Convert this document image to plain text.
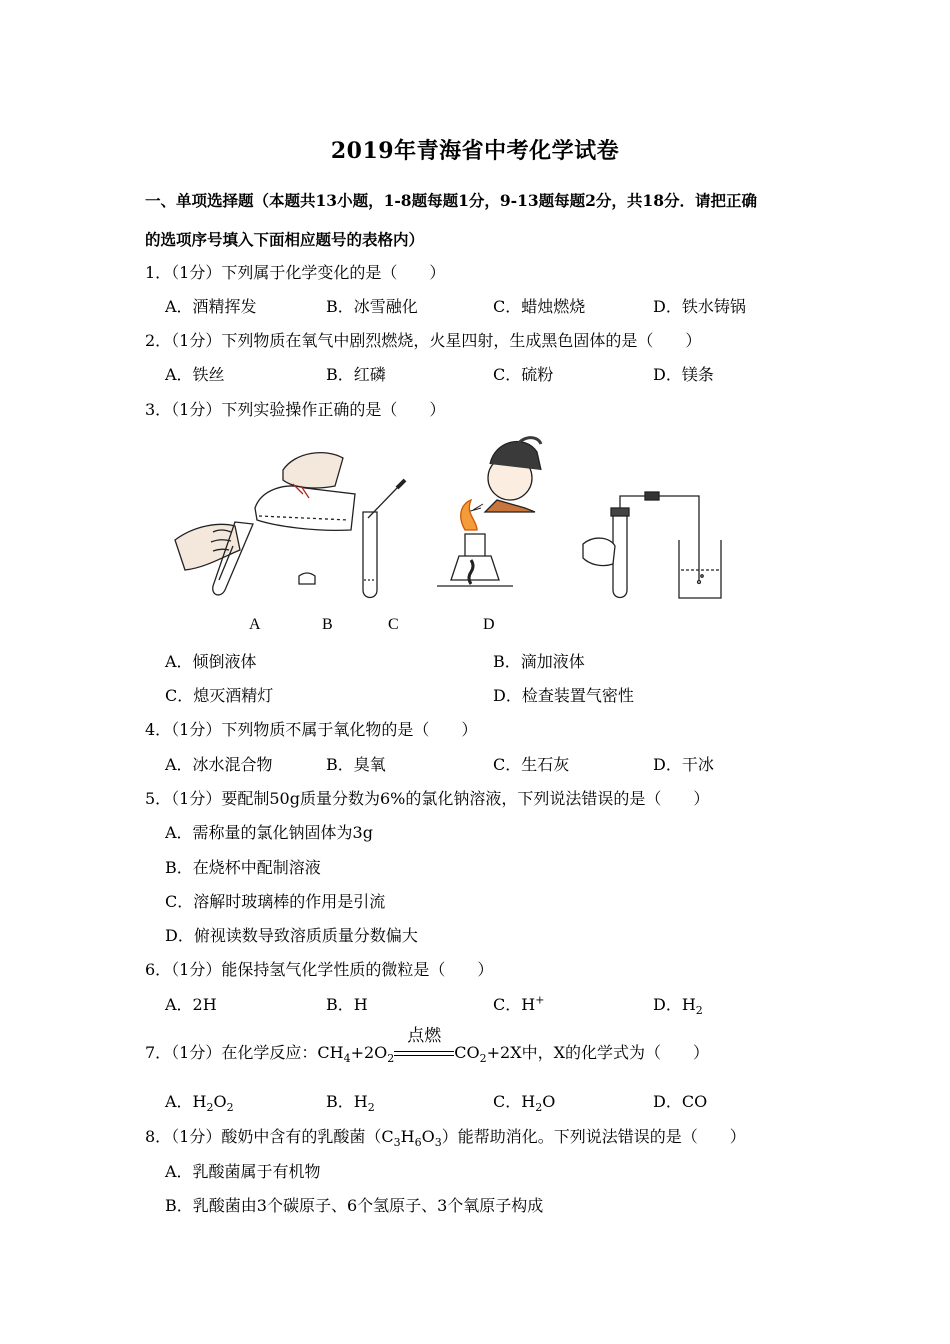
2019年青海省中考化学试卷
一、单项选择题（本题共13小题，1-8题每题1分，9-13题每题2分，共18分．请把正确
的选项序号填入下面相应题号的表格内）
1．（1分）下列属于化学变化的是（　　）
A．酒精挥发	B．冰雪融化	C．蜡烛燃烧	D．铁水铸锅
2．（1分）下列物质在氧气中剧烈燃烧，火星四射，生成黑色固体的是（　　）
A．铁丝	B．红磷	C．硫粉	D．镁条
3．（1分）下列实验操作正确的是（　　）
A	B	C	D
A．倾倒液体	B．滴加液体
C．熄灭酒精灯	D．检查装置气密性
4．（1分）下列物质不属于氧化物的是（　　）
A．冰水混合物	B．臭氧	C．生石灰	D．干冰
5．（1分）要配制50g质量分数为6%的氯化钠溶液，下列说法错误的是（　　）
A．需称量的氯化钠固体为3g
B．在烧杯中配制溶液
C．溶解时玻璃棒的作用是引流
D．俯视读数导致溶质质量分数偏大
6．（1分）能保持氢气化学性质的微粒是（　　）
A．2H	B．H	C．H+	D．$H_2$
7．（1分）在化学反应：$CH_4+2O_2$
点燃
$CO_2+2X$中，X的化学式为（　　）
A．$H_2O_2$	B．$H_2$	C．$H_2O$	D．CO
8．（1分）酸奶中含有的乳酸菌$(C_3H_6O_3)$能帮助消化。下列说法错误的是（　　）
A．乳酸菌属于有机物
B．乳酸菌由3个碳原子、6个氢原子、3个氧原子构成
